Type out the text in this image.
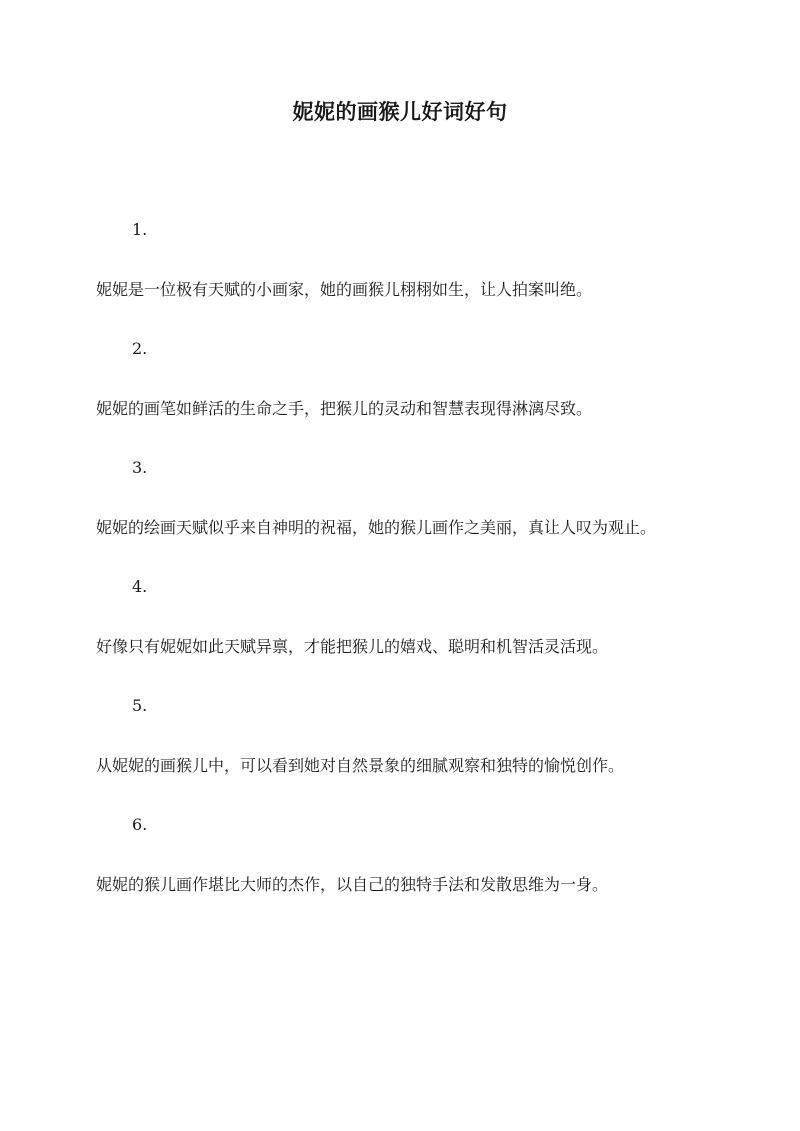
妮妮的画猴儿好词好句
1.
妮妮是一位极有天赋的小画家，她的画猴儿栩栩如生，让人拍案叫绝。
2.
妮妮的画笔如鲜活的生命之手，把猴儿的灵动和智慧表现得淋漓尽致。
3.
妮妮的绘画天赋似乎来自神明的祝福，她的猴儿画作之美丽，真让人叹为观止。
4.
好像只有妮妮如此天赋异禀，才能把猴儿的嬉戏、聪明和机智活灵活现。
5.
从妮妮的画猴儿中，可以看到她对自然景象的细腻观察和独特的愉悦创作。
6.
妮妮的猴儿画作堪比大师的杰作，以自己的独特手法和发散思维为一身。
